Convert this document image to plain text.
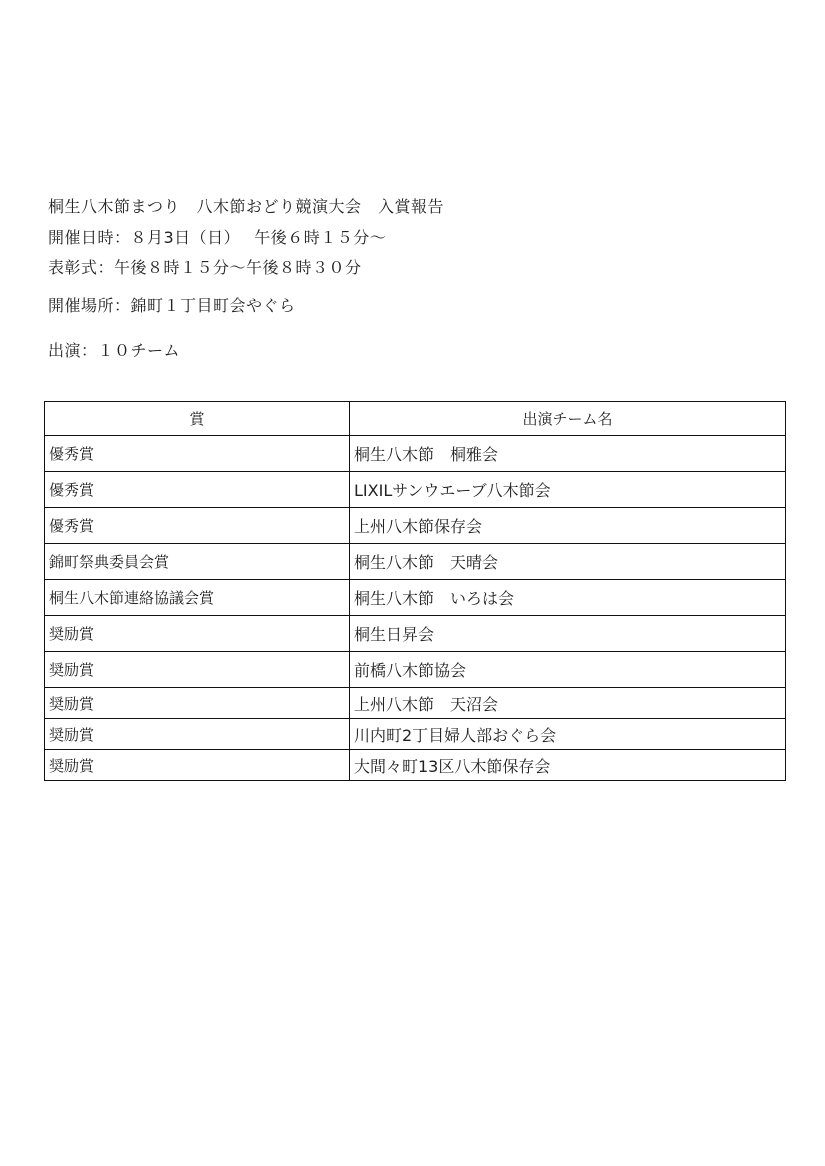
桐生八木節まつり　八木節おどり競演大会　入賞報告
開催日時：８月3日（日）　 午後６時１５分〜
表彰式：午後８時１５分〜午後８時３０分
開催場所：錦町１丁目町会やぐら
出演：１０チーム
賞	出演チーム名
優秀賞	桐生八木節　桐雅会
優秀賞	LIXILサンウエーブ八木節会
優秀賞	上州八木節保存会
錦町祭典委員会賞	桐生八木節　天晴会
桐生八木節連絡協議会賞	桐生八木節　いろは会
奨励賞	桐生日昇会
奨励賞	前橋八木節協会
奨励賞	上州八木節　天沼会
奨励賞	川内町2丁目婦人部おぐら会
奨励賞	大間々町13区八木節保存会
